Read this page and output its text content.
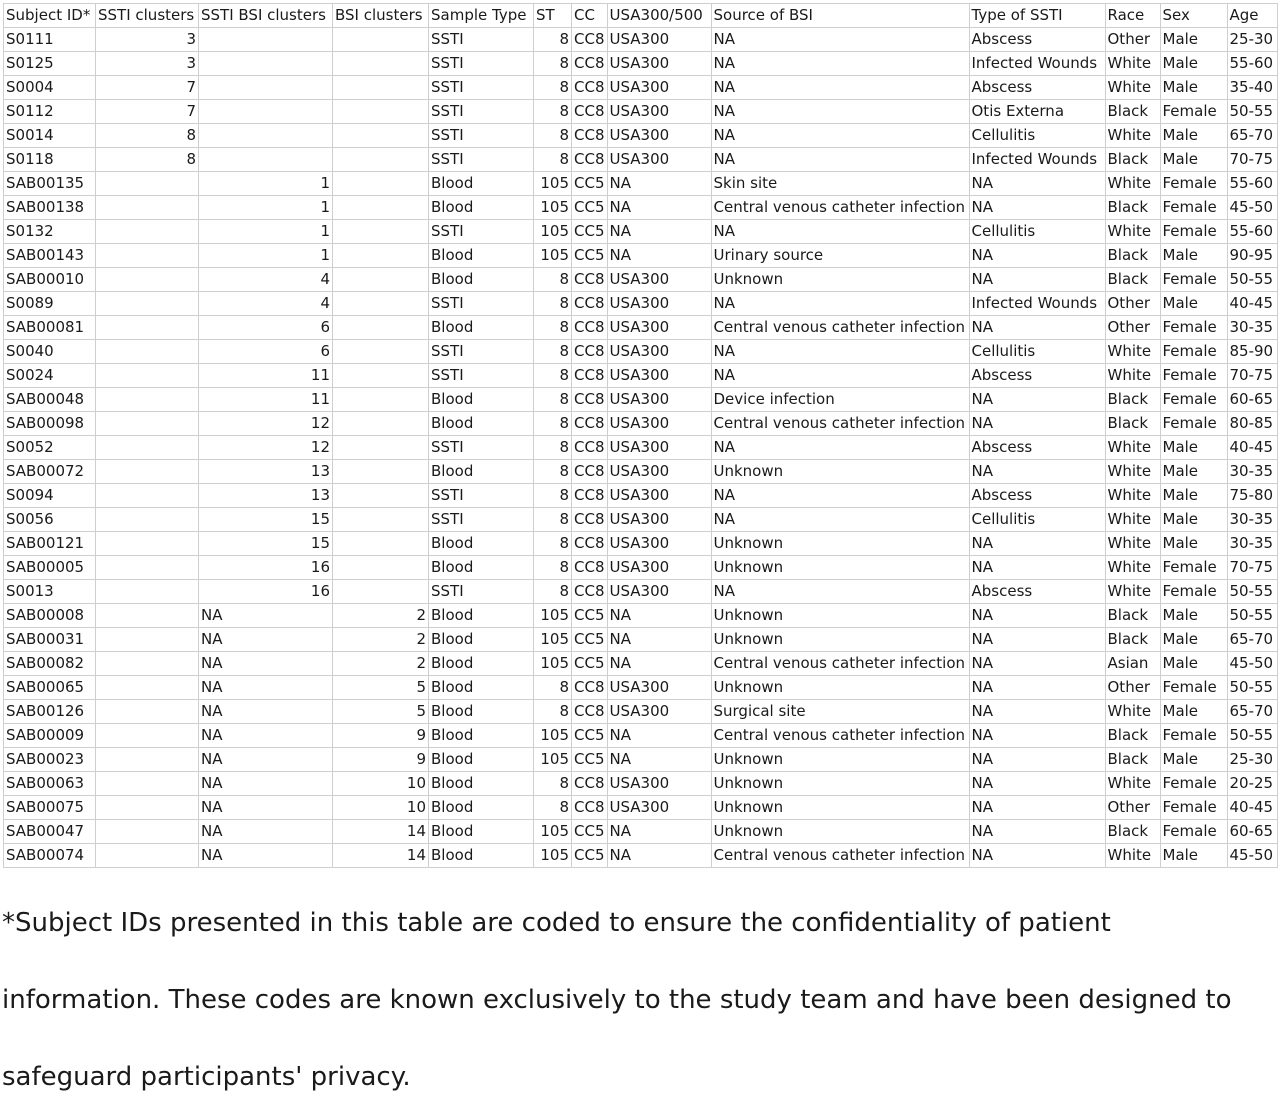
Subject ID*	SSTI clusters	SSTI BSI clusters	BSI clusters	Sample Type	ST	CC	USA300/500	Source of BSI	Type of SSTI	Race	Sex	Age
S0111	3			SSTI	8	CC8	USA300	NA	Abscess	Other	Male	25-30
S0125	3			SSTI	8	CC8	USA300	NA	Infected Wounds	White	Male	55-60
S0004	7			SSTI	8	CC8	USA300	NA	Abscess	White	Male	35-40
S0112	7			SSTI	8	CC8	USA300	NA	Otis Externa	Black	Female	50-55
S0014	8			SSTI	8	CC8	USA300	NA	Cellulitis	White	Male	65-70
S0118	8			SSTI	8	CC8	USA300	NA	Infected Wounds	Black	Male	70-75
SAB00135		1		Blood	105	CC5	NA	Skin site	NA	White	Female	55-60
SAB00138		1		Blood	105	CC5	NA	Central venous catheter infection	NA	Black	Female	45-50
S0132		1		SSTI	105	CC5	NA	NA	Cellulitis	White	Female	55-60
SAB00143		1		Blood	105	CC5	NA	Urinary source	NA	Black	Male	90-95
SAB00010		4		Blood	8	CC8	USA300	Unknown	NA	Black	Female	50-55
S0089		4		SSTI	8	CC8	USA300	NA	Infected Wounds	Other	Male	40-45
SAB00081		6		Blood	8	CC8	USA300	Central venous catheter infection	NA	Other	Female	30-35
S0040		6		SSTI	8	CC8	USA300	NA	Cellulitis	White	Female	85-90
S0024		11		SSTI	8	CC8	USA300	NA	Abscess	White	Female	70-75
SAB00048		11		Blood	8	CC8	USA300	Device infection	NA	Black	Female	60-65
SAB00098		12		Blood	8	CC8	USA300	Central venous catheter infection	NA	Black	Female	80-85
S0052		12		SSTI	8	CC8	USA300	NA	Abscess	White	Male	40-45
SAB00072		13		Blood	8	CC8	USA300	Unknown	NA	White	Male	30-35
S0094		13		SSTI	8	CC8	USA300	NA	Abscess	White	Male	75-80
S0056		15		SSTI	8	CC8	USA300	NA	Cellulitis	White	Male	30-35
SAB00121		15		Blood	8	CC8	USA300	Unknown	NA	White	Male	30-35
SAB00005		16		Blood	8	CC8	USA300	Unknown	NA	White	Female	70-75
S0013		16		SSTI	8	CC8	USA300	NA	Abscess	White	Female	50-55
SAB00008		NA	2	Blood	105	CC5	NA	Unknown	NA	Black	Male	50-55
SAB00031		NA	2	Blood	105	CC5	NA	Unknown	NA	Black	Male	65-70
SAB00082		NA	2	Blood	105	CC5	NA	Central venous catheter infection	NA	Asian	Male	45-50
SAB00065		NA	5	Blood	8	CC8	USA300	Unknown	NA	Other	Female	50-55
SAB00126		NA	5	Blood	8	CC8	USA300	Surgical site	NA	White	Male	65-70
SAB00009		NA	9	Blood	105	CC5	NA	Central venous catheter infection	NA	Black	Female	50-55
SAB00023		NA	9	Blood	105	CC5	NA	Unknown	NA	Black	Male	25-30
SAB00063		NA	10	Blood	8	CC8	USA300	Unknown	NA	White	Female	20-25
SAB00075		NA	10	Blood	8	CC8	USA300	Unknown	NA	Other	Female	40-45
SAB00047		NA	14	Blood	105	CC5	NA	Unknown	NA	Black	Female	60-65
SAB00074		NA	14	Blood	105	CC5	NA	Central venous catheter infection	NA	White	Male	45-50

*Subject IDs presented in this table are coded to ensure the confidentiality of patient

information. These codes are known exclusively to the study team and have been designed to

safeguard participants' privacy.
